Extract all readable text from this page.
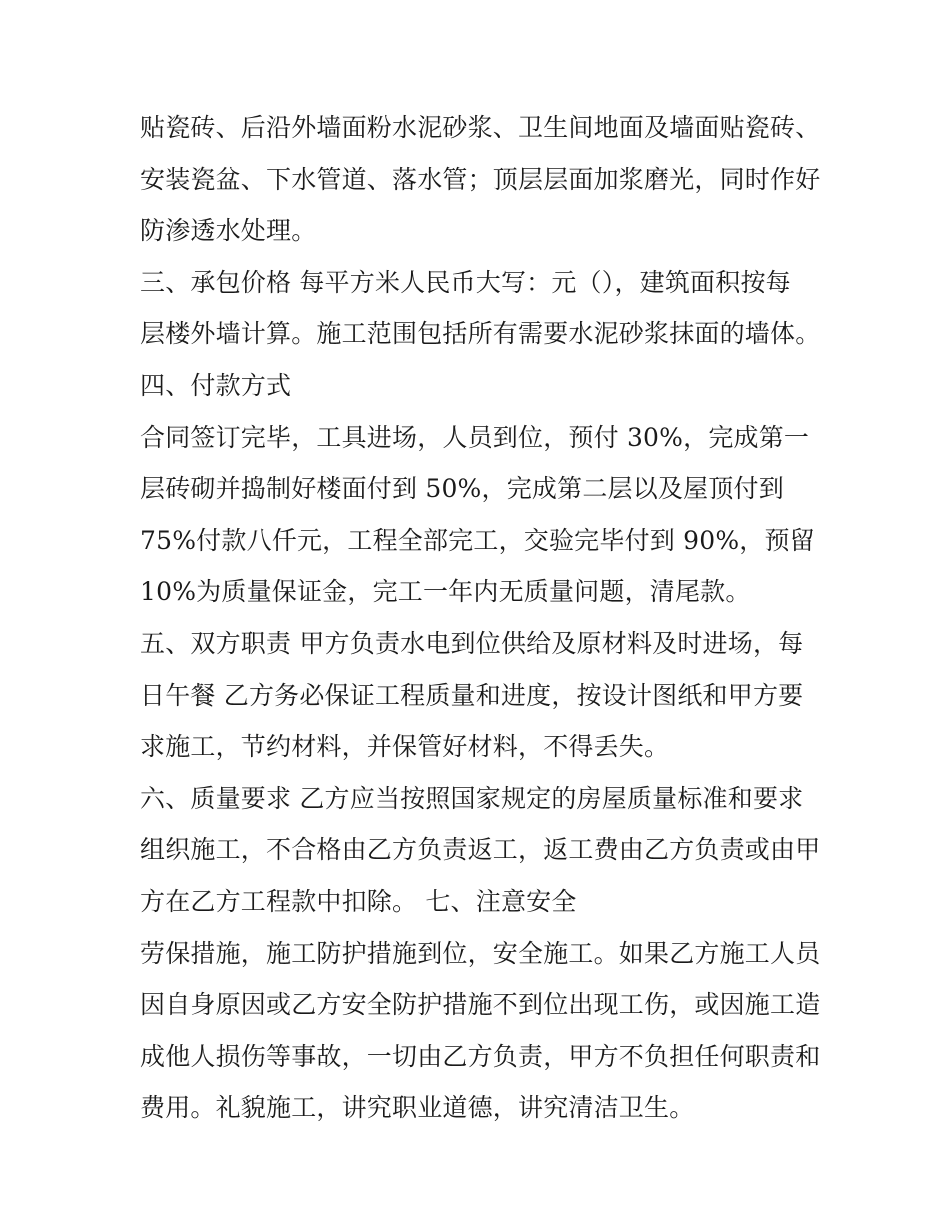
贴瓷砖、后沿外墙面粉水泥砂浆、卫生间地面及墙面贴瓷砖、
安装瓷盆、下水管道、落水管；顶层层面加浆磨光，同时作好
防渗透水处理。
三、承包价格 每平方米人民币大写：元（），建筑面积按每
层楼外墙计算。施工范围包括所有需要水泥砂浆抹面的墙体。
四、付款方式
合同签订完毕，工具进场，人员到位，预付 30%，完成第一
层砖砌并捣制好楼面付到 50%，完成第二层以及屋顶付到
75%付款八仟元，工程全部完工，交验完毕付到 90%，预留
10%为质量保证金，完工一年内无质量问题，清尾款。
五、双方职责 甲方负责水电到位供给及原材料及时进场，每
日午餐 乙方务必保证工程质量和进度，按设计图纸和甲方要
求施工，节约材料，并保管好材料，不得丢失。
六、质量要求 乙方应当按照国家规定的房屋质量标准和要求
组织施工，不合格由乙方负责返工，返工费由乙方负责或由甲
方在乙方工程款中扣除。 七、注意安全
劳保措施，施工防护措施到位，安全施工。如果乙方施工人员
因自身原因或乙方安全防护措施不到位出现工伤，或因施工造
成他人损伤等事故，一切由乙方负责，甲方不负担任何职责和
费用。礼貌施工，讲究职业道德，讲究清洁卫生。
